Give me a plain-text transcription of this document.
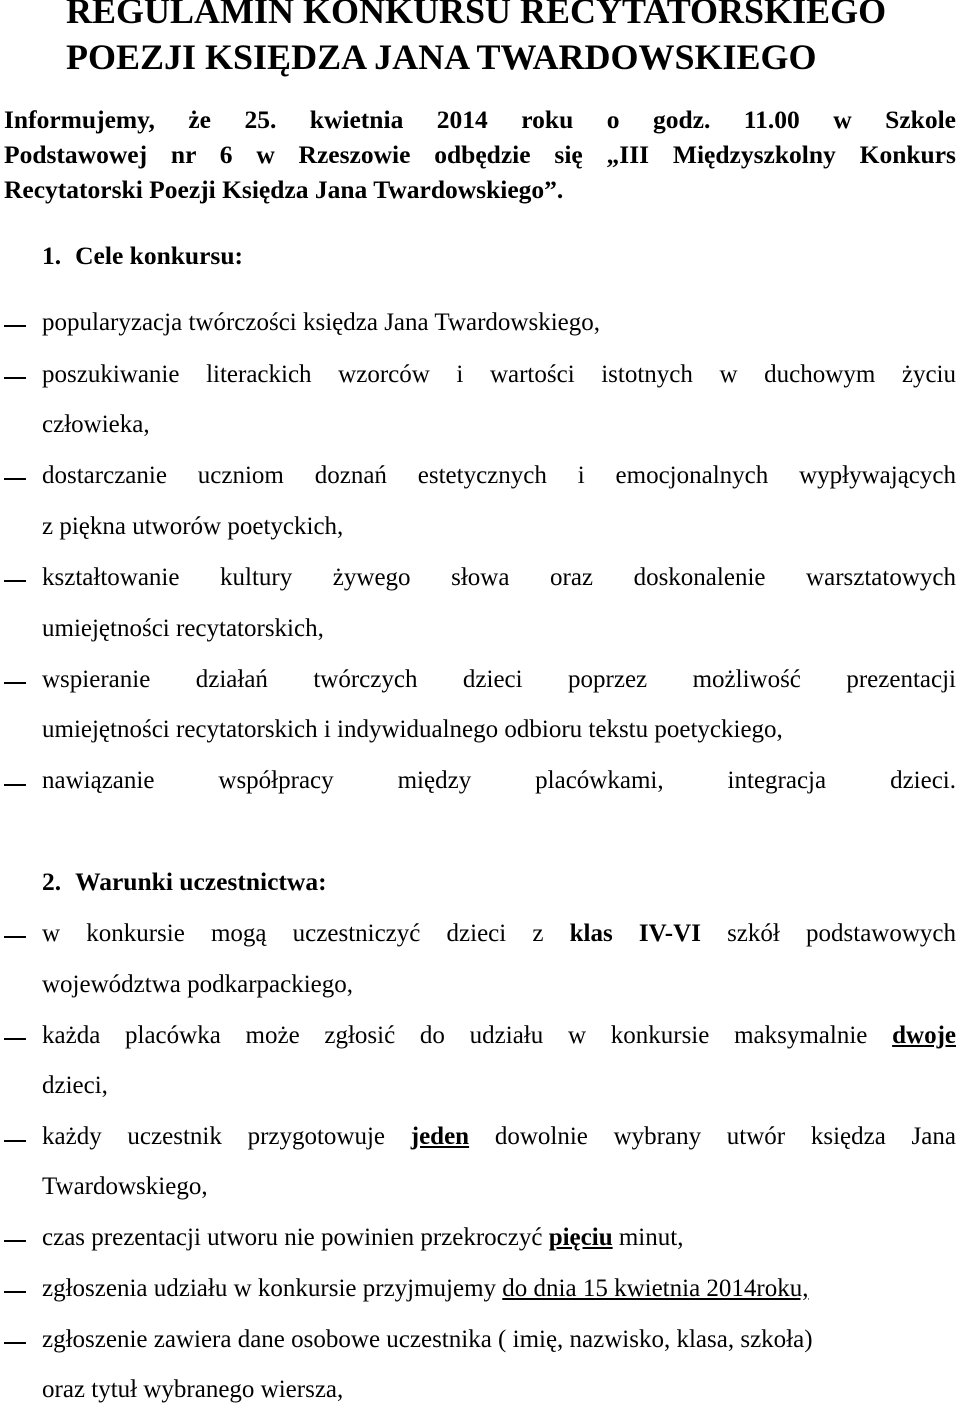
REGULAMIN KONKURSU RECYTATORSKIEGO
POEZJI KSIĘDZA JANA TWARDOWSKIEGO
Informujemy, że 25. kwietnia 2014 roku o godz. 11.00 w Szkole
Podstawowej nr 6 w Rzeszowie odbędzie się „III Międzyszkolny Konkurs
Recytatorski Poezji Księdza Jana Twardowskiego”.
1. Cele konkursu:
popularyzacja twórczości księdza Jana Twardowskiego,
poszukiwanie literackich wzorców i wartości istotnych w duchowym życiu
człowieka,
dostarczanie uczniom doznań estetycznych i emocjonalnych wypływających
z piękna utworów poetyckich,
kształtowanie kultury żywego słowa oraz doskonalenie warsztatowych
umiejętności recytatorskich,
wspieranie działań twórczych dzieci poprzez możliwość prezentacji
umiejętności recytatorskich i indywidualnego odbioru tekstu poetyckiego,
nawiązanie współpracy między placówkami, integracja dzieci.
2. Warunki uczestnictwa:
w konkursie mogą uczestniczyć dzieci z klas IV-VI szkół podstawowych
województwa podkarpackiego,
każda placówka może zgłosić do udziału w konkursie maksymalnie dwoje
dzieci,
każdy uczestnik przygotowuje jeden dowolnie wybrany utwór księdza Jana
Twardowskiego,
czas prezentacji utworu nie powinien przekroczyć pięciu minut,
zgłoszenia udziału w konkursie przyjmujemy do dnia 15 kwietnia 2014roku,
zgłoszenie zawiera dane osobowe uczestnika ( imię, nazwisko, klasa, szkoła)
oraz tytuł wybranego wiersza,
